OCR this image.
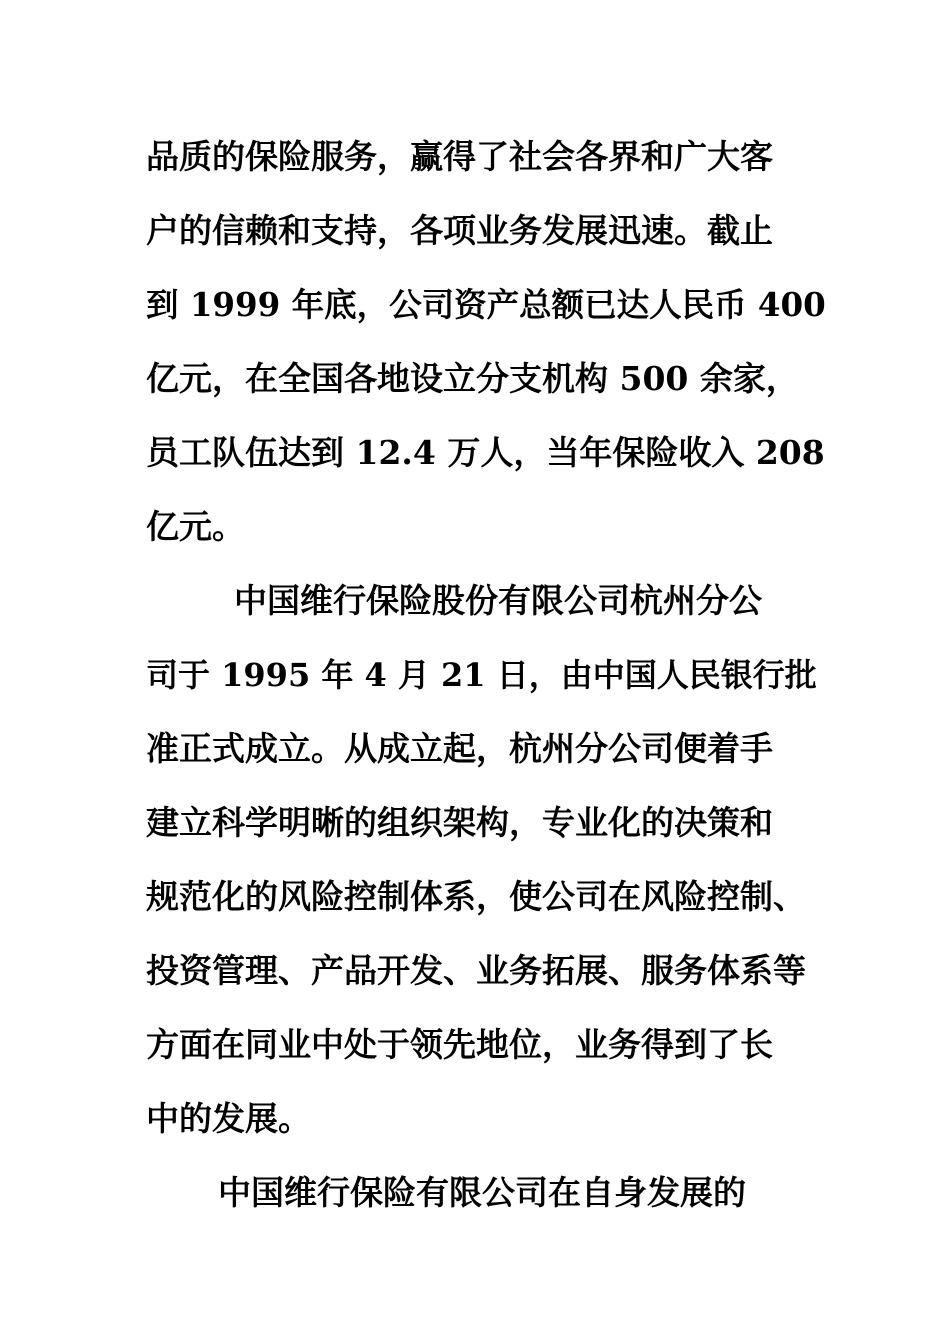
品质的保险服务，赢得了社会各界和广大客
户的信赖和支持，各项业务发展迅速。截止
到 1999 年底，公司资产总额已达人民币 400
亿元，在全国各地设立分支机构 500 余家，
员工队伍达到 12.4 万人，当年保险收入 208
亿元。
中国维行保险股份有限公司杭州分公
司于 1995 年 4 月 21 日，由中国人民银行批
准正式成立。从成立起，杭州分公司便着手
建立科学明晰的组织架构，专业化的决策和
规范化的风险控制体系，使公司在风险控制、
投资管理、产品开发、业务拓展、服务体系等
方面在同业中处于领先地位，业务得到了长
中的发展。
中国维行保险有限公司在自身发展的
